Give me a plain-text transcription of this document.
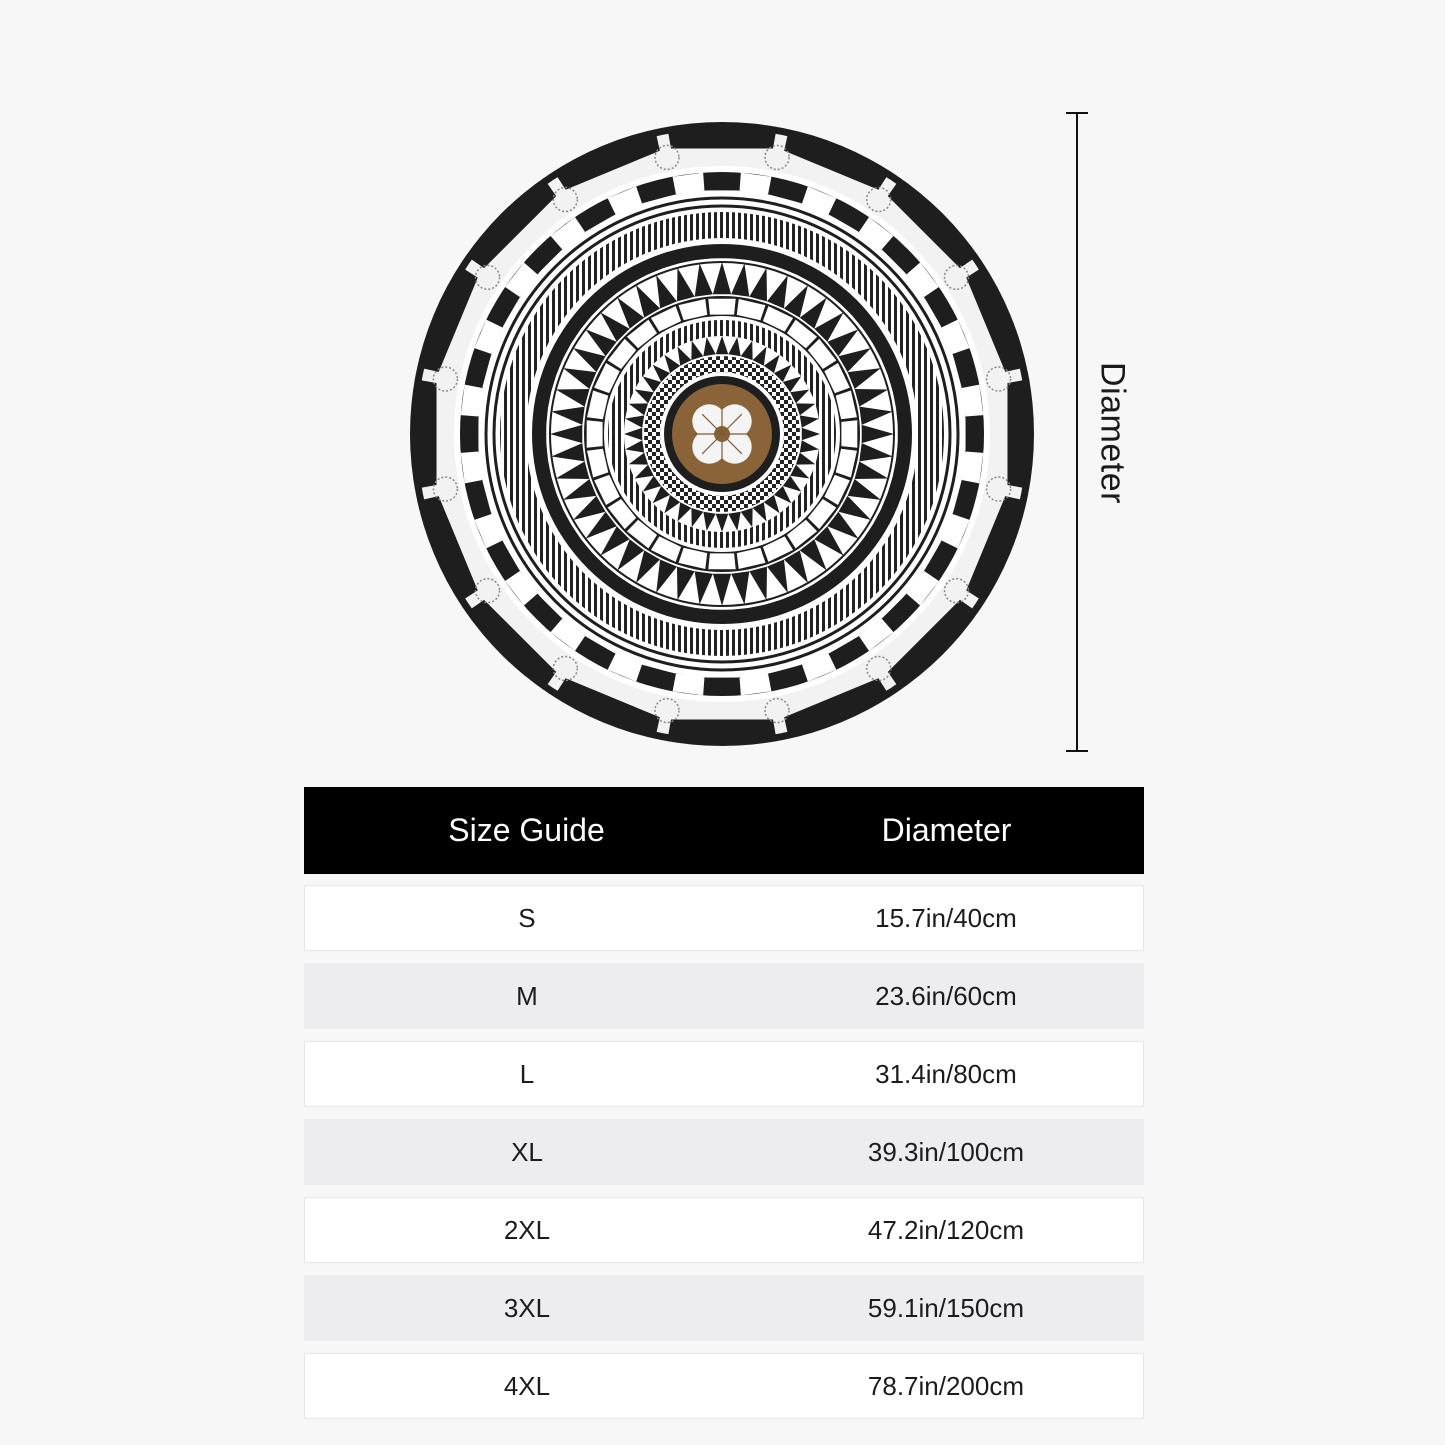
Diameter
Size Guide	Diameter
S	15.7in/40cm
M	23.6in/60cm
L	31.4in/80cm
XL	39.3in/100cm
2XL	47.2in/120cm
3XL	59.1in/150cm
4XL	78.7in/200cm
